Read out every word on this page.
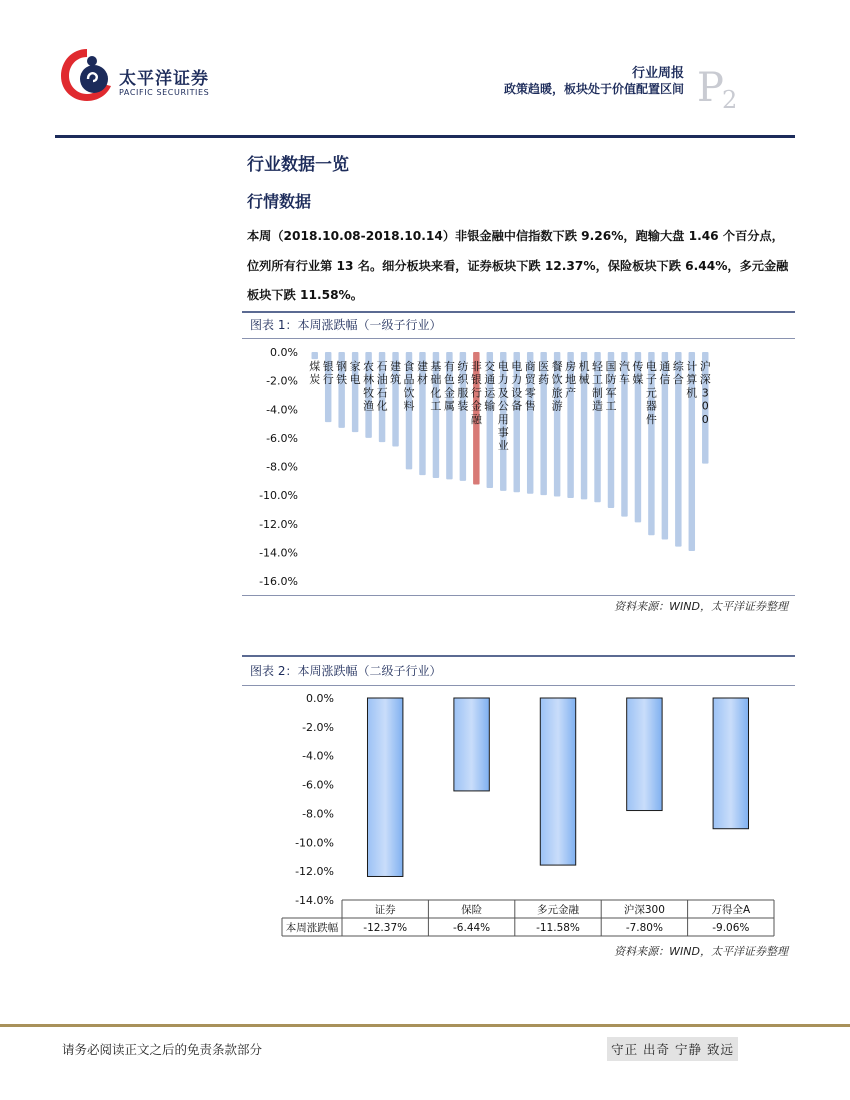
太平洋证券
PACIFIC SECURITIES
行业周报
政策趋暖，板块处于价值配置区间 P
2
行业数据一览
行情数据

本周（2018.10.08-2018.10.14）非银金融中信指数下跌 9.26%，跑输大盘 1.46 个百分点，位列所有行业第 13 名。细分板块来看，证券板块下跌 12.37%，保险板块下跌 6.44%，多元金融板块下跌 11.58%。

图表 1：本周涨跌幅（一级子行业）
0.0%
-2.0%
-4.0%
-6.0%
-8.0%
-10.0%
-12.0%
-14.0%
-16.0%
煤炭
银行
钢铁
家电
农林牧渔
石油石化
建筑
食品饮料
建材
基础化工
有色金属
纺织服装
非银行金融
交通运输
电力及公用事业
电力设备
商贸零售
医药
餐饮旅游
房地产
机械
轻工制造
国防军工
汽车
传媒
电子元器件
通信
综合
计算机
沪深 3 0 0
资料来源：WIND，太平洋证券整理
图表 2：本周涨跌幅（二级子行业）
0.0%
-2.0%
-4.0%
-6.0%
-8.0%
-10.0%
-12.0%
-14.0%
本周涨跌幅
证券
-12.37%
保险
-6.44%
多元金融
-11.58%
沪深300
-7.80%
万得全A
-9.06%
资料来源：WIND，太平洋证券整理
请务必阅读正文之后的免责条款部分	守正 出奇 宁静 致远
